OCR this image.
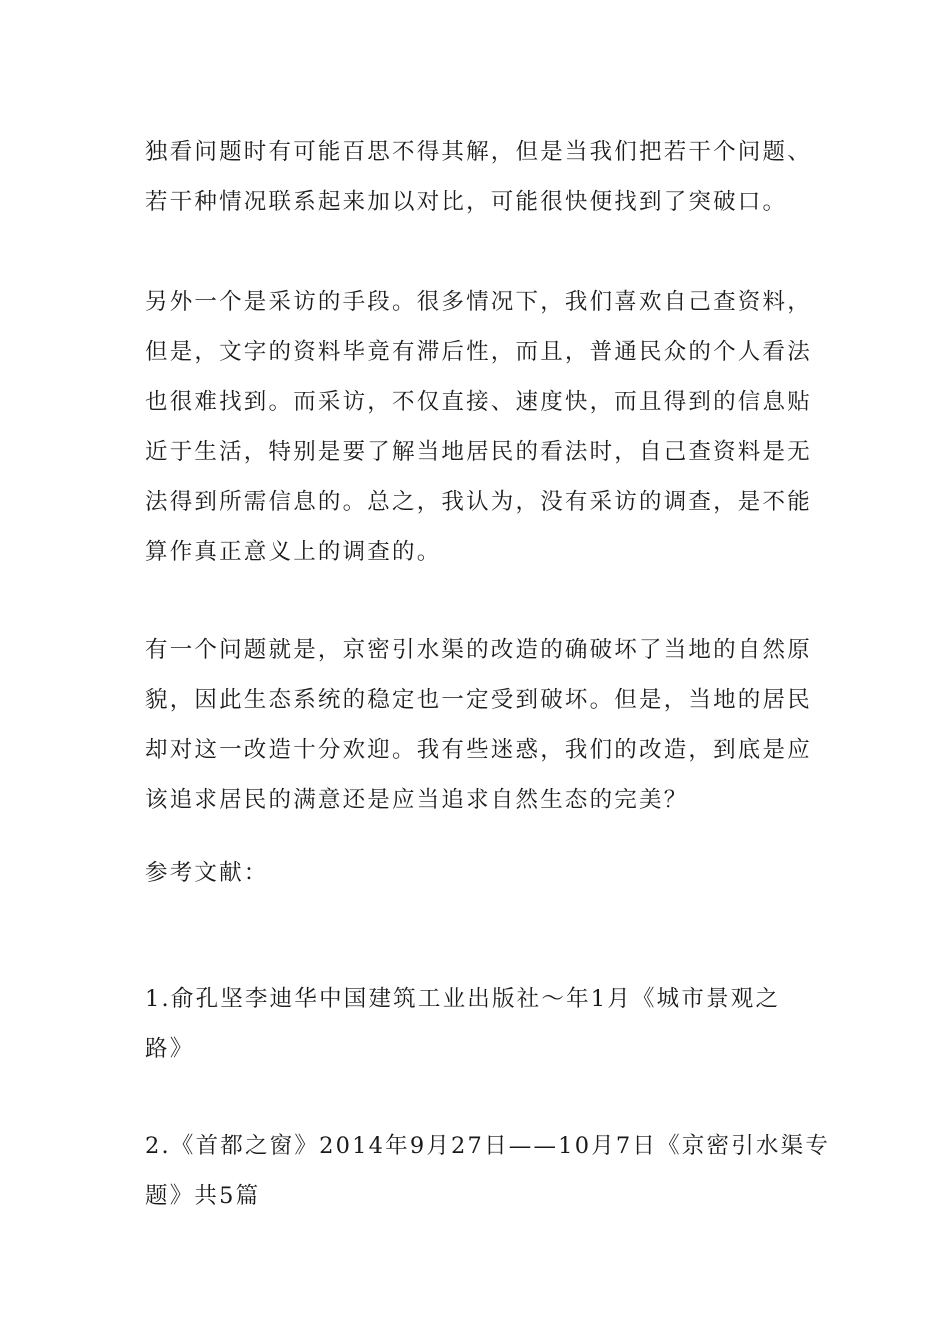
独看问题时有可能百思不得其解，但是当我们把若干个问题、
若干种情况联系起来加以对比，可能很快便找到了突破口。
另外一个是采访的手段。很多情况下，我们喜欢自己查资料，
但是，文字的资料毕竟有滞后性，而且，普通民众的个人看法
也很难找到。而采访，不仅直接、速度快，而且得到的信息贴
近于生活，特别是要了解当地居民的看法时，自己查资料是无
法得到所需信息的。总之，我认为，没有采访的调查，是不能
算作真正意义上的调查的。
有一个问题就是，京密引水渠的改造的确破坏了当地的自然原
貌，因此生态系统的稳定也一定受到破坏。但是，当地的居民
却对这一改造十分欢迎。我有些迷惑，我们的改造，到底是应
该追求居民的满意还是应当追求自然生态的完美？
参考文献：
1.俞孔坚李迪华中国建筑工业出版社～年1月《城市景观之
路》
2.《首都之窗》2014年9月27日——10月7日《京密引水渠专
题》共5篇
